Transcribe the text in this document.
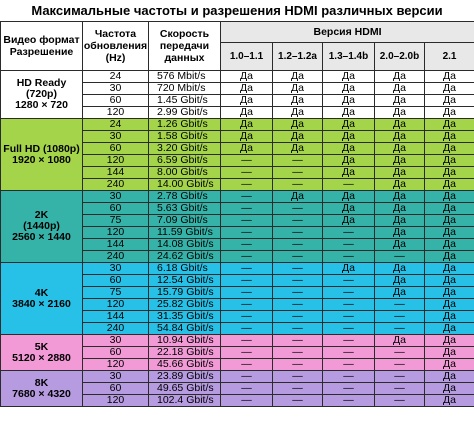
Максимальные частоты и разрешения HDMI различных версии
Видео формат Разрешение	Частота обновления (Hz)	Скорость передачи данных	Версия HDMI				
			1.0–1.1	1.2–1.2a	1.3–1.4b	2.0–2.0b	2.1

HD Ready
(720p)
1280 × 720	24	576 Mbit/s	Да	Да	Да	Да	Да
	30	720 Mbit/s	Да	Да	Да	Да	Да
	60	1.45 Gbit/s	Да	Да	Да	Да	Да
	120	2.99 Gbit/s	Да	Да	Да	Да	Да

Full HD (1080p)
1920 × 1080	24	1.26 Gbit/s	Да	Да	Да	Да	Да
	30	1.58 Gbit/s	Да	Да	Да	Да	Да
	60	3.20 Gbit/s	Да	Да	Да	Да	Да
	120	6.59 Gbit/s	—	—	Да	Да	Да
	144	8.00 Gbit/s	—	—	Да	Да	Да
	240	14.00 Gbit/s	—	—	—	Да	Да

2K
(1440p)
2560 × 1440	30	2.78 Gbit/s	—	Да	Да	Да	Да
	60	5.63 Gbit/s	—	—	Да	Да	Да
	75	7.09 Gbit/s	—	—	Да	Да	Да
	120	11.59 Gbit/s	—	—	—	Да	Да
	144	14.08 Gbit/s	—	—	—	Да	Да
	240	24.62 Gbit/s	—	—	—	—	Да

4K
3840 × 2160	30	6.18 Gbit/s	—	—	Да	Да	Да
	60	12.54 Gbit/s	—	—	—	Да	Да
	75	15.79 Gbit/s	—	—	—	Да	Да
	120	25.82 Gbit/s	—	—	—	—	Да
	144	31.35 Gbit/s	—	—	—	—	Да
	240	54.84 Gbit/s	—	—	—	—	Да

5K
5120 × 2880	30	10.94 Gbit/s	—	—	—	Да	Да
	60	22.18 Gbit/s	—	—	—	—	Да
	120	45.66 Gbit/s	—	—	—	—	Да

8K
7680 × 4320	30	23.89 Gbit/s	—	—	—	—	Да
	60	49.65 Gbit/s	—	—	—	—	Да
	120	102.4 Gbit/s	—	—	—	—	Да
